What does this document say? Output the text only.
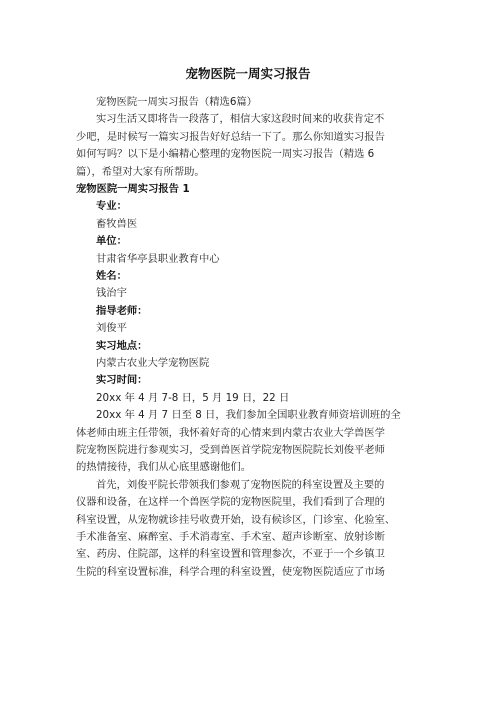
宠物医院一周实习报告
宠物医院一周实习报告（精选6篇）
实习生活又即将告一段落了，相信大家这段时间来的收获肯定不
少吧，是时候写一篇实习报告好好总结一下了。那么你知道实习报告
如何写吗？以下是小编精心整理的宠物医院一周实习报告（精选 6
篇），希望对大家有所帮助。
宠物医院一周实习报告 1
专业：
畜牧兽医
单位：
甘肃省华亭县职业教育中心
姓名：
钱治宇
指导老师：
刘俊平
实习地点：
内蒙古农业大学宠物医院
实习时间：
20xx 年 4 月 7-8 日，5 月 19 日，22 日
20xx 年 4 月 7 日至 8 日，我们参加全国职业教育师资培训班的全
体老师由班主任带领，我怀着好奇的心情来到内蒙古农业大学兽医学
院宠物医院进行参观实习，受到兽医首学院宠物医院院长刘俊平老师
的热情接待，我们从心底里感谢他们。
首先，刘俊平院长带领我们参观了宠物医院的科室设置及主要的
仪器和设备，在这样一个兽医学院的宠物医院里，我们看到了合理的
科室设置，从宠物就诊挂号收费开始，设有候诊区，门诊室、化验室、
手术准备室、麻醉室、手术消毒室、手术室、超声诊断室、放射诊断
室、药房、住院部，这样的科室设置和管理参次，不亚于一个乡镇卫
生院的科室设置标准，科学合理的科室设置，使宠物医院适应了市场
